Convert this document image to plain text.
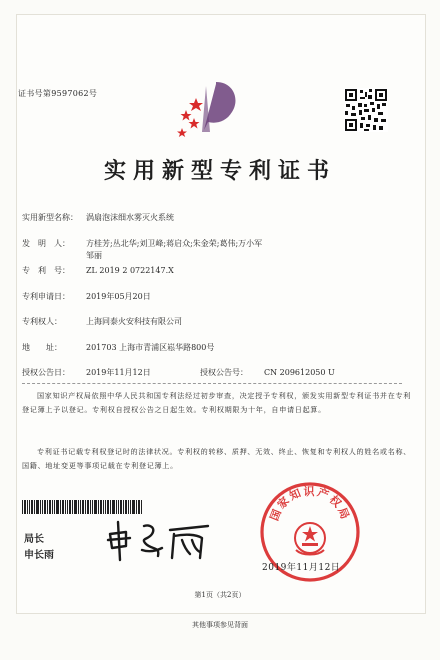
证书号第9597062号
实用新型专利证书
实用新型名称： 涡扇泡沫细水雾灭火系统
发　明　人： 方桂芳;丛北华;刘卫峰;蒋启众;朱金荣;葛伟;万小军
邹丽
专　利　号： ZL 2019 2 0722147.X
专利申请日： 2019年05月20日
专利权人：	上海同泰火安科技有限公司
地　　址：	201703 上海市青浦区崧华路800号
授权公告日： 2019年11月12日	授权公告号： CN 209612050 U
国家知识产权局依照中华人民共和国专利法经过初步审查，决定授予专利权，颁发实用新型专利证书并在专利登记簿上予以登记。专利权自授权公告之日起生效。专利权期限为十年，自申请日起算。
专利证书记载专利权登记时的法律状况。专利权的转移、质押、无效、终止、恢复和专利权人的姓名或名称、国籍、地址变更等事项记载在专利登记簿上。
局长
申长雨
国家知识产权局
2019年11月12日
第1页（共2页）
其他事项参见背面
